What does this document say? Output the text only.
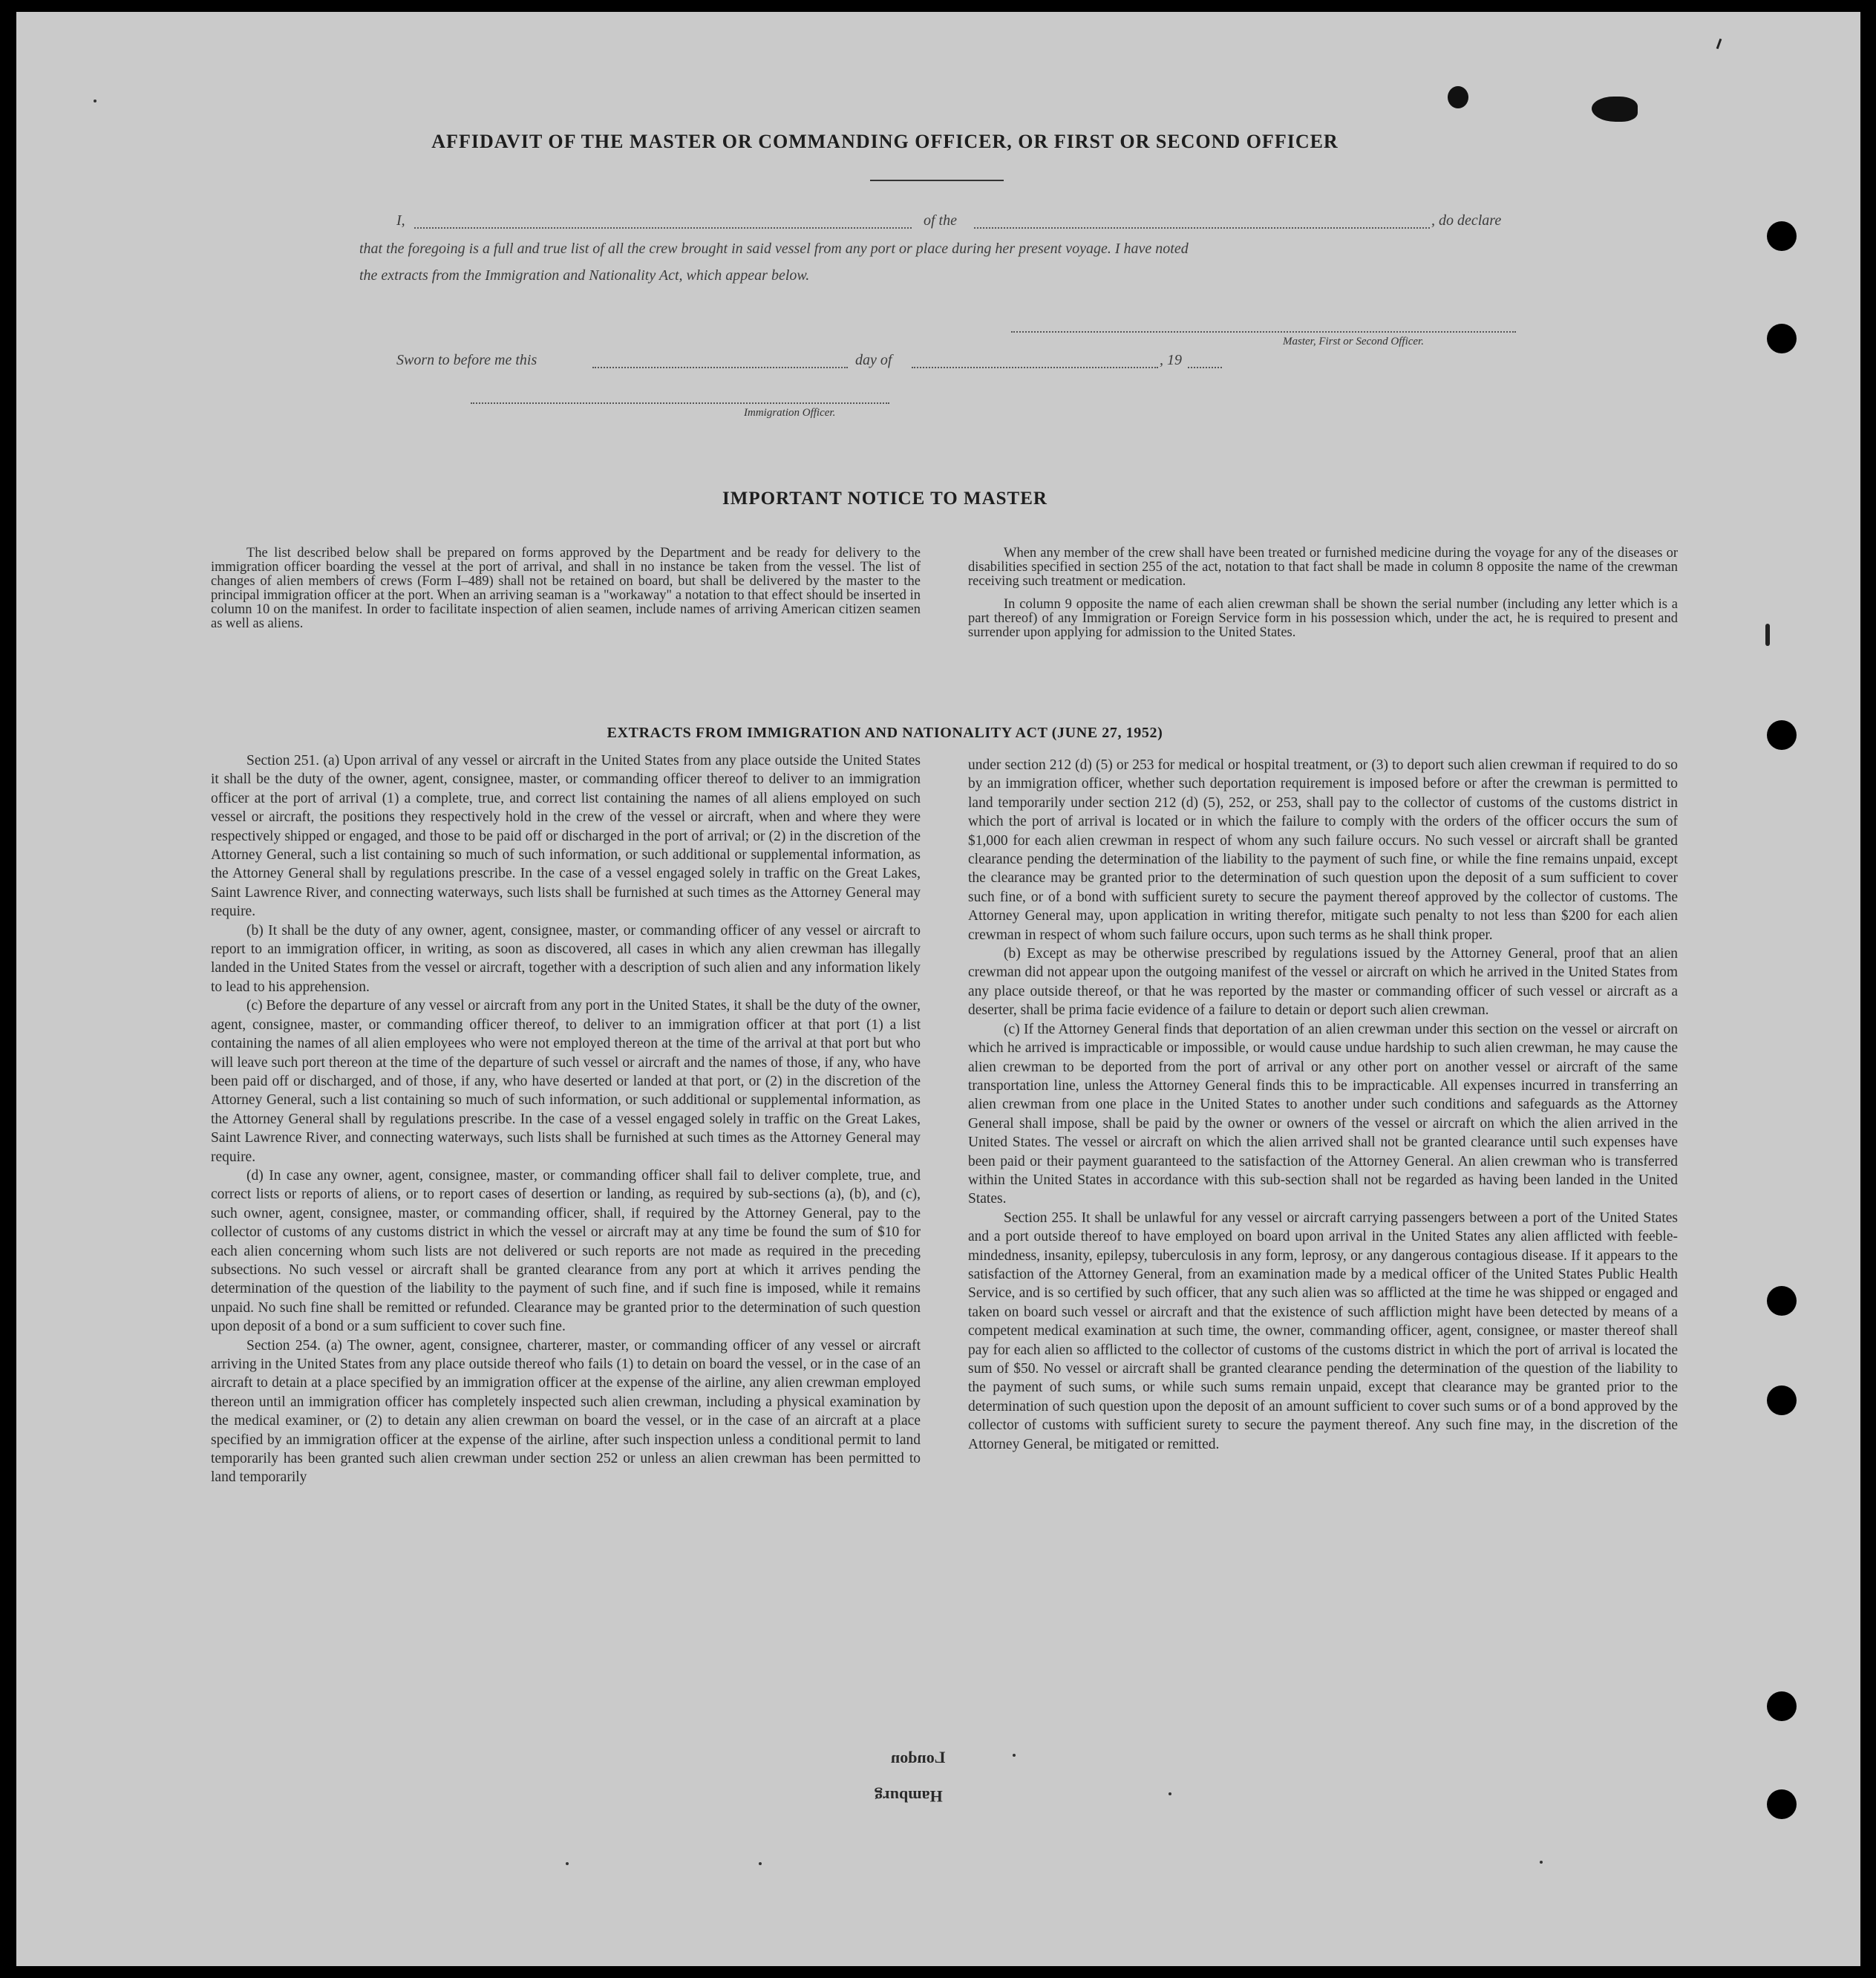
AFFIDAVIT OF THE MASTER OR COMMANDING OFFICER, OR FIRST OR SECOND OFFICER
I,	of the	, do declare
that the foregoing is a full and true list of all the crew brought in said vessel from any port or place during her present voyage. I have noted
the extracts from the Immigration and Nationality Act, which appear below.
Master, First or Second Officer.
Sworn to before me this	day of	, 19
Immigration Officer.
IMPORTANT NOTICE TO MASTER

The list described below shall be prepared on forms approved by the Department and be ready for delivery to the immigration officer boarding the vessel at the port of arrival, and shall in no instance be taken from the vessel. The list of changes of alien members of crews (Form I–489) shall not be retained on board, but shall be delivered by the master to the principal immigration officer at the port. When an arriving seaman is a "workaway" a notation to that effect should be inserted in column 10 on the manifest. In order to facilitate inspection of alien seamen, include names of arriving American citizen seamen as well as aliens.

When any member of the crew shall have been treated or furnished medicine during the voyage for any of the diseases or disabilities specified in section 255 of the act, notation to that fact shall be made in column 8 opposite the name of the crewman receiving such treatment or medication.

In column 9 opposite the name of each alien crewman shall be shown the serial number (including any letter which is a part thereof) of any Immigration or Foreign Service form in his possession which, under the act, he is required to present and surrender upon applying for admission to the United States.

EXTRACTS FROM IMMIGRATION AND NATIONALITY ACT (JUNE 27, 1952)

Section 251. (a) Upon arrival of any vessel or aircraft in the United States from any place outside the United States it shall be the duty of the owner, agent, consignee, master, or commanding officer thereof to deliver to an immigration officer at the port of arrival (1) a complete, true, and correct list containing the names of all aliens employed on such vessel or aircraft, the positions they respectively hold in the crew of the vessel or aircraft, when and where they were respectively shipped or engaged, and those to be paid off or discharged in the port of arrival; or (2) in the discretion of the Attorney General, such a list containing so much of such information, or such additional or supplemental information, as the Attorney General shall by regulations prescribe. In the case of a vessel engaged solely in traffic on the Great Lakes, Saint Lawrence River, and connecting waterways, such lists shall be furnished at such times as the Attorney General may require.

(b) It shall be the duty of any owner, agent, consignee, master, or commanding officer of any vessel or aircraft to report to an immigration officer, in writing, as soon as discovered, all cases in which any alien crewman has illegally landed in the United States from the vessel or aircraft, together with a description of such alien and any information likely to lead to his apprehension.

(c) Before the departure of any vessel or aircraft from any port in the United States, it shall be the duty of the owner, agent, consignee, master, or commanding officer thereof, to deliver to an immigration officer at that port (1) a list containing the names of all alien employees who were not employed thereon at the time of the arrival at that port but who will leave such port thereon at the time of the departure of such vessel or aircraft and the names of those, if any, who have been paid off or discharged, and of those, if any, who have deserted or landed at that port, or (2) in the discretion of the Attorney General, such a list containing so much of such information, or such additional or supplemental information, as the Attorney General shall by regulations prescribe. In the case of a vessel engaged solely in traffic on the Great Lakes, Saint Lawrence River, and connecting waterways, such lists shall be furnished at such times as the Attorney General may require.

(d) In case any owner, agent, consignee, master, or commanding officer shall fail to deliver complete, true, and correct lists or reports of aliens, or to report cases of desertion or landing, as required by sub-sections (a), (b), and (c), such owner, agent, consignee, master, or commanding officer, shall, if required by the Attorney General, pay to the collector of customs of any customs district in which the vessel or aircraft may at any time be found the sum of $10 for each alien concerning whom such lists are not delivered or such reports are not made as required in the preceding subsections. No such vessel or aircraft shall be granted clearance from any port at which it arrives pending the determination of the question of the liability to the payment of such fine, and if such fine is imposed, while it remains unpaid. No such fine shall be remitted or refunded. Clearance may be granted prior to the determination of such question upon deposit of a bond or a sum sufficient to cover such fine.

Section 254. (a) The owner, agent, consignee, charterer, master, or commanding officer of any vessel or aircraft arriving in the United States from any place outside thereof who fails (1) to detain on board the vessel, or in the case of an aircraft to detain at a place specified by an immigration officer at the expense of the airline, any alien crewman employed thereon until an immigration officer has completely inspected such alien crewman, including a physical examination by the medical examiner, or (2) to detain any alien crewman on board the vessel, or in the case of an aircraft at a place specified by an immigration officer at the expense of the airline, after such inspection unless a conditional permit to land temporarily has been granted such alien crewman under section 252 or unless an alien crewman has been permitted to land temporarily

under section 212 (d) (5) or 253 for medical or hospital treatment, or (3) to deport such alien crewman if required to do so by an immigration officer, whether such deportation requirement is imposed before or after the crewman is permitted to land temporarily under section 212 (d) (5), 252, or 253, shall pay to the collector of customs of the customs district in which the port of arrival is located or in which the failure to comply with the orders of the officer occurs the sum of $1,000 for each alien crewman in respect of whom any such failure occurs. No such vessel or aircraft shall be granted clearance pending the determination of the liability to the payment of such fine, or while the fine remains unpaid, except the clearance may be granted prior to the determination of such question upon the deposit of a sum sufficient to cover such fine, or of a bond with sufficient surety to secure the payment thereof approved by the collector of customs. The Attorney General may, upon application in writing therefor, mitigate such penalty to not less than $200 for each alien crewman in respect of whom such failure occurs, upon such terms as he shall think proper.

(b) Except as may be otherwise prescribed by regulations issued by the Attorney General, proof that an alien crewman did not appear upon the outgoing manifest of the vessel or aircraft on which he arrived in the United States from any place outside thereof, or that he was reported by the master or commanding officer of such vessel or aircraft as a deserter, shall be prima facie evidence of a failure to detain or deport such alien crewman.

(c) If the Attorney General finds that deportation of an alien crewman under this section on the vessel or aircraft on which he arrived is impracticable or impossible, or would cause undue hardship to such alien crewman, he may cause the alien crewman to be deported from the port of arrival or any other port on another vessel or aircraft of the same transportation line, unless the Attorney General finds this to be impracticable. All expenses incurred in transferring an alien crewman from one place in the United States to another under such conditions and safeguards as the Attorney General shall impose, shall be paid by the owner or owners of the vessel or aircraft on which the alien arrived in the United States. The vessel or aircraft on which the alien arrived shall not be granted clearance until such expenses have been paid or their payment guaranteed to the satisfaction of the Attorney General. An alien crewman who is transferred within the United States in accordance with this sub-section shall not be regarded as having been landed in the United States.

Section 255. It shall be unlawful for any vessel or aircraft carrying passengers between a port of the United States and a port outside thereof to have employed on board upon arrival in the United States any alien afflicted with feeble-mindedness, insanity, epilepsy, tuberculosis in any form, leprosy, or any dangerous contagious disease. If it appears to the satisfaction of the Attorney General, from an examination made by a medical officer of the United States Public Health Service, and is so certified by such officer, that any such alien was so afflicted at the time he was shipped or engaged and taken on board such vessel or aircraft and that the existence of such affliction might have been detected by means of a competent medical examination at such time, the owner, commanding officer, agent, consignee, or master thereof shall pay for each alien so afflicted to the collector of customs of the customs district in which the port of arrival is located the sum of $50. No vessel or aircraft shall be granted clearance pending the determination of the question of the liability to the payment of such sums, or while such sums remain unpaid, except that clearance may be granted prior to the determination of such question upon the deposit of an amount sufficient to cover such sums or of a bond approved by the collector of customs with sufficient surety to secure the payment thereof. Any such fine may, in the discretion of the Attorney General, be mitigated or remitted.

London
Hamburg
